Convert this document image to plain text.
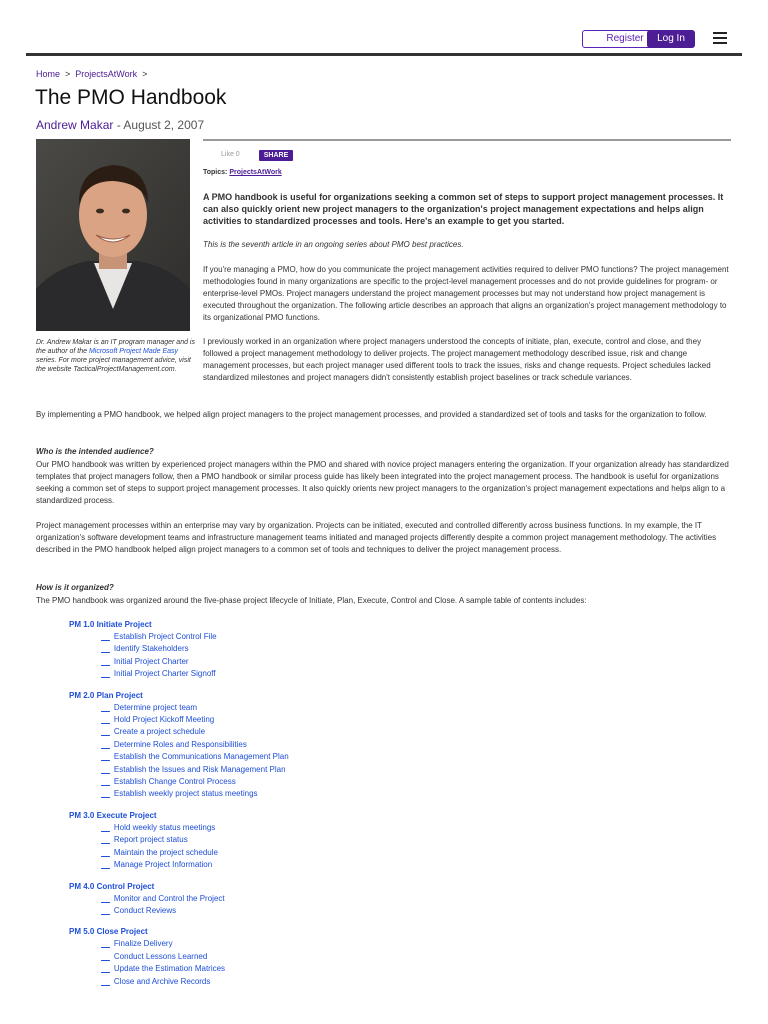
Register	Log In
Home > ProjectsAtWork >
The PMO Handbook
Andrew Makar - August 2, 2007
Dr. Andrew Makar is an IT program manager and is the author of the Microsoft Project Made Easy series. For more project management advice, visit the website TacticalProjectManagement.com.
Like 0	SHARE
Topics: ProjectsAtWork

A PMO handbook is useful for organizations seeking a common set of steps to support project management processes. It can also quickly orient new project managers to the organization's project management expectations and helps align activities to standardized processes and tools. Here's an example to get you started.

This is the seventh article in an ongoing series about PMO best practices.

If you're managing a PMO, how do you communicate the project management activities required to deliver PMO functions? The project management methodologies found in many organizations are specific to the project-level management processes and do not provide guidelines for program- or enterprise-level PMOs. Project managers understand the project management processes but may not understand how project management is executed throughout the organization. The following article describes an approach that aligns an organization's project management methodology to its organizational PMO functions.

I previously worked in an organization where project managers understood the concepts of initiate, plan, execute, control and close, and they followed a project management methodology to deliver projects. The project management methodology described issue, risk and change management processes, but each project manager used different tools to track the issues, risks and change requests. Project schedules lacked standardized milestones and project managers didn't consistently establish project baselines or track schedule variances.

By implementing a PMO handbook, we helped align project managers to the project management processes, and provided a standardized set of tools and tasks for the organization to follow.

Who is the intended audience?

Our PMO handbook was written by experienced project managers within the PMO and shared with novice project managers entering the organization. If your organization already has standardized templates that project managers follow, then a PMO handbook or similar process guide has likely been integrated into the project management process. The handbook is useful for organizations seeking a common set of steps to support project management processes. It also quickly orients new project managers to the organization's project management expectations and helps align to a standardized process.

Project management processes within an enterprise may vary by organization. Projects can be initiated, executed and controlled differently across business functions. In my example, the IT organization's software development teams and infrastructure management teams initiated and managed projects differently despite a common project management methodology. The activities described in the PMO handbook helped align project managers to a common set of tools and techniques to deliver the project management process.

How is it organized?

The PMO handbook was organized around the five-phase project lifecycle of Initiate, Plan, Execute, Control and Close. A sample table of contents includes:

PM 1.0 Initiate Project
Establish Project Control File
Identify Stakeholders
Initial Project Charter
Initial Project Charter Signoff
PM 2.0 Plan Project
Determine project team
Hold Project Kickoff Meeting
Create a project schedule
Determine Roles and Responsibilities
Establish the Communications Management Plan
Establish the Issues and Risk Management Plan
Establish Change Control Process
Establish weekly project status meetings
PM 3.0 Execute Project
Hold weekly status meetings
Report project status
Maintain the project schedule
Manage Project Information
PM 4.0 Control Project
Monitor and Control the Project
Conduct Reviews
PM 5.0 Close Project
Finalize Delivery
Conduct Lessons Learned
Update the Estimation Matrices
Close and Archive Records
